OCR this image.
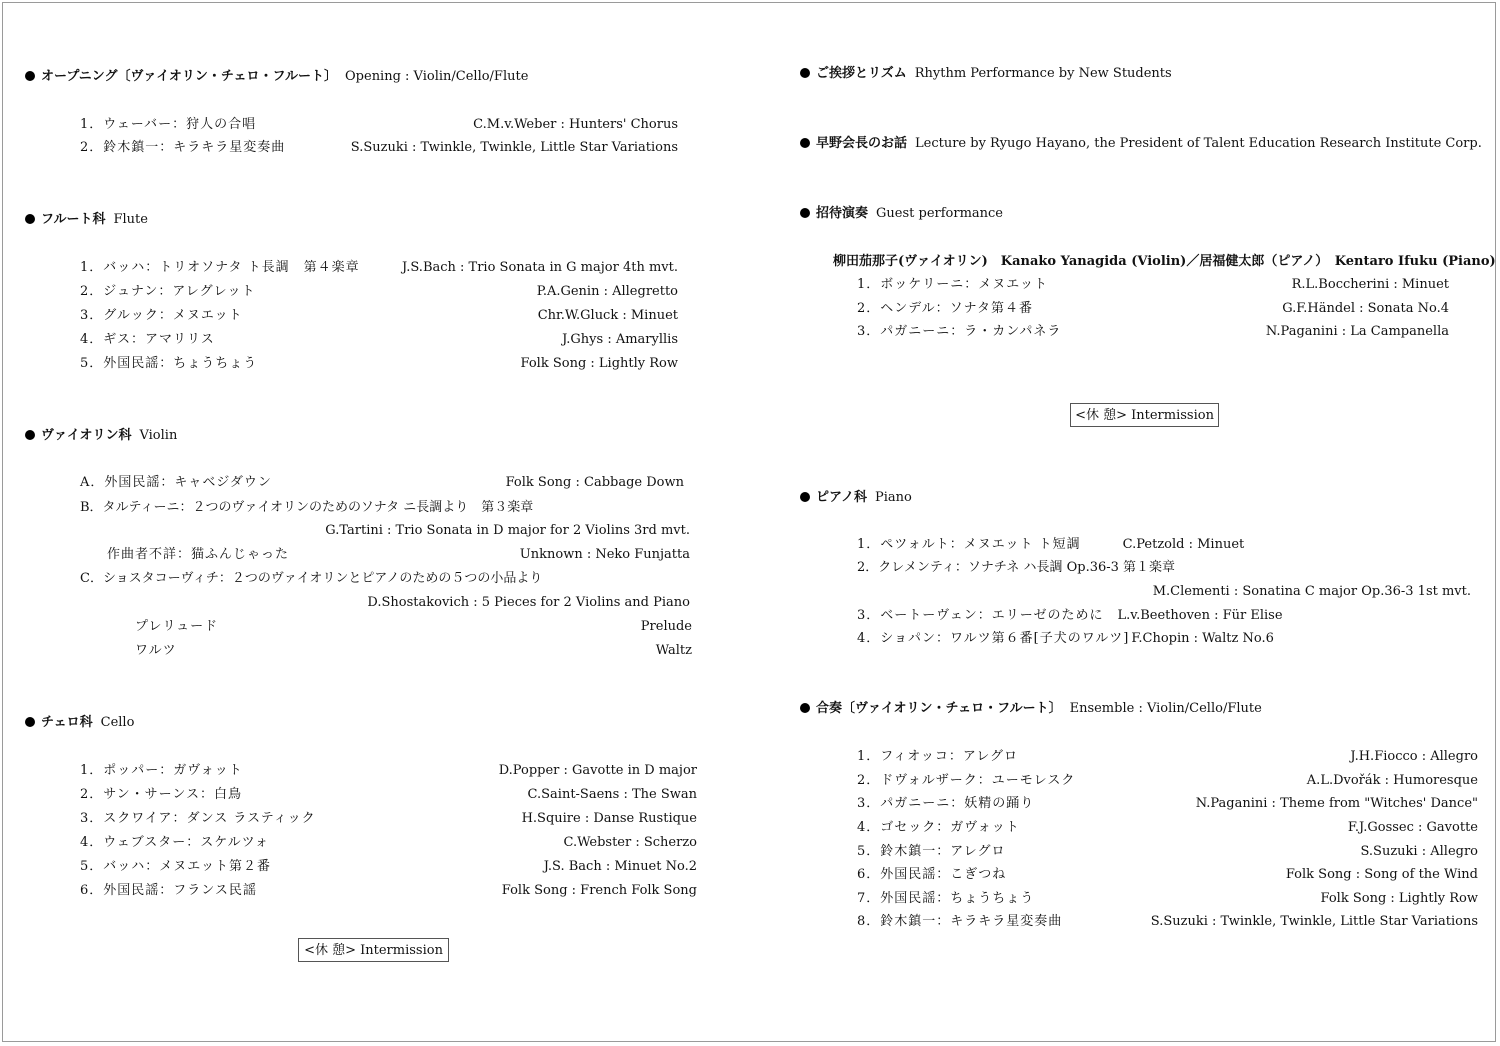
オープニング〔ヴァイオリン・チェロ・フルート〕 Opening : Violin/Cello/Flute
1．ウェーバー：狩人の合唱	C.M.v.Weber : Hunters' Chorus
2．鈴木鎮一：キラキラ星変奏曲	S.Suzuki : Twinkle, Twinkle, Little Star Variations
フルート科 Flute
1．バッハ：トリオソナタ ト長調　第４楽章	J.S.Bach : Trio Sonata in G major 4th mvt.
2．ジュナン：アレグレット	P.A.Genin : Allegretto
3．グルック：メヌエット	Chr.W.Gluck : Minuet
4．ギス：アマリリス	J.Ghys : Amaryllis
5．外国民謡：ちょうちょう	Folk Song : Lightly Row
ヴァイオリン科 Violin
A．外国民謡：キャベジダウン	Folk Song : Cabbage Down
B．タルティーニ：２つのヴァイオリンのためのソナタ ニ長調より　第３楽章
G.Tartini : Trio Sonata in D major for 2 Violins 3rd mvt.
作曲者不詳：猫ふんじゃった	Unknown : Neko Funjatta
C．ショスタコーヴィチ：２つのヴァイオリンとピアノのための５つの小品より
D.Shostakovich : 5 Pieces for 2 Violins and Piano
プレリュード	Prelude
ワルツ	Waltz
チェロ科 Cello
1．ポッパー：ガヴォット	D.Popper : Gavotte in D major
2．サン・サーンス：白鳥	C.Saint-Saens : The Swan
3．スクワイア：ダンス ラスティック	H.Squire : Danse Rustique
4．ウェブスター：スケルツォ	C.Webster : Scherzo
5．バッハ：メヌエット第２番	J.S. Bach : Minuet No.2
6．外国民謡：フランス民謡	Folk Song : French Folk Song
<休 憩> Intermission
ご挨拶とリズム Rhythm Performance by New Students
早野会長のお話 Lecture by Ryugo Hayano, the President of Talent Education Research Institute Corp.
招待演奏 Guest performance
柳田茄那子(ヴァイオリン)　Kanako Yanagida (Violin)／居福健太郎（ピアノ）　Kentaro Ifuku (Piano)
1．ボッケリーニ：メヌエット	R.L.Boccherini : Minuet
2．ヘンデル：ソナタ第４番	G.F.Händel : Sonata No.4
3．パガニーニ：ラ・カンパネラ	N.Paganini : La Campanella
<休 憩> Intermission
ピアノ科 Piano
1．ペツォルト：メヌエット ト短調	C.Petzold : Minuet
2．クレメンティ：ソナチネ ハ長調 Op.36-3 第１楽章
M.Clementi : Sonatina C major Op.36-3 1st mvt.
3．ベートーヴェン：エリーゼのために L.v.Beethoven : Für Elise
4．ショパン：ワルツ第６番[子犬のワルツ] F.Chopin : Waltz No.6
合奏〔ヴァイオリン・チェロ・フルート〕 Ensemble : Violin/Cello/Flute
1．フィオッコ：アレグロ	J.H.Fiocco : Allegro
2．ドヴォルザーク：ユーモレスク	A.L.Dvořák : Humoresque
3．パガニーニ：妖精の踊り	N.Paganini : Theme from "Witches' Dance"
4．ゴセック：ガヴォット	F.J.Gossec : Gavotte
5．鈴木鎮一：アレグロ	S.Suzuki : Allegro
6．外国民謡：こぎつね	Folk Song : Song of the Wind
7．外国民謡：ちょうちょう	Folk Song : Lightly Row
8．鈴木鎮一：キラキラ星変奏曲	S.Suzuki : Twinkle, Twinkle, Little Star Variations
